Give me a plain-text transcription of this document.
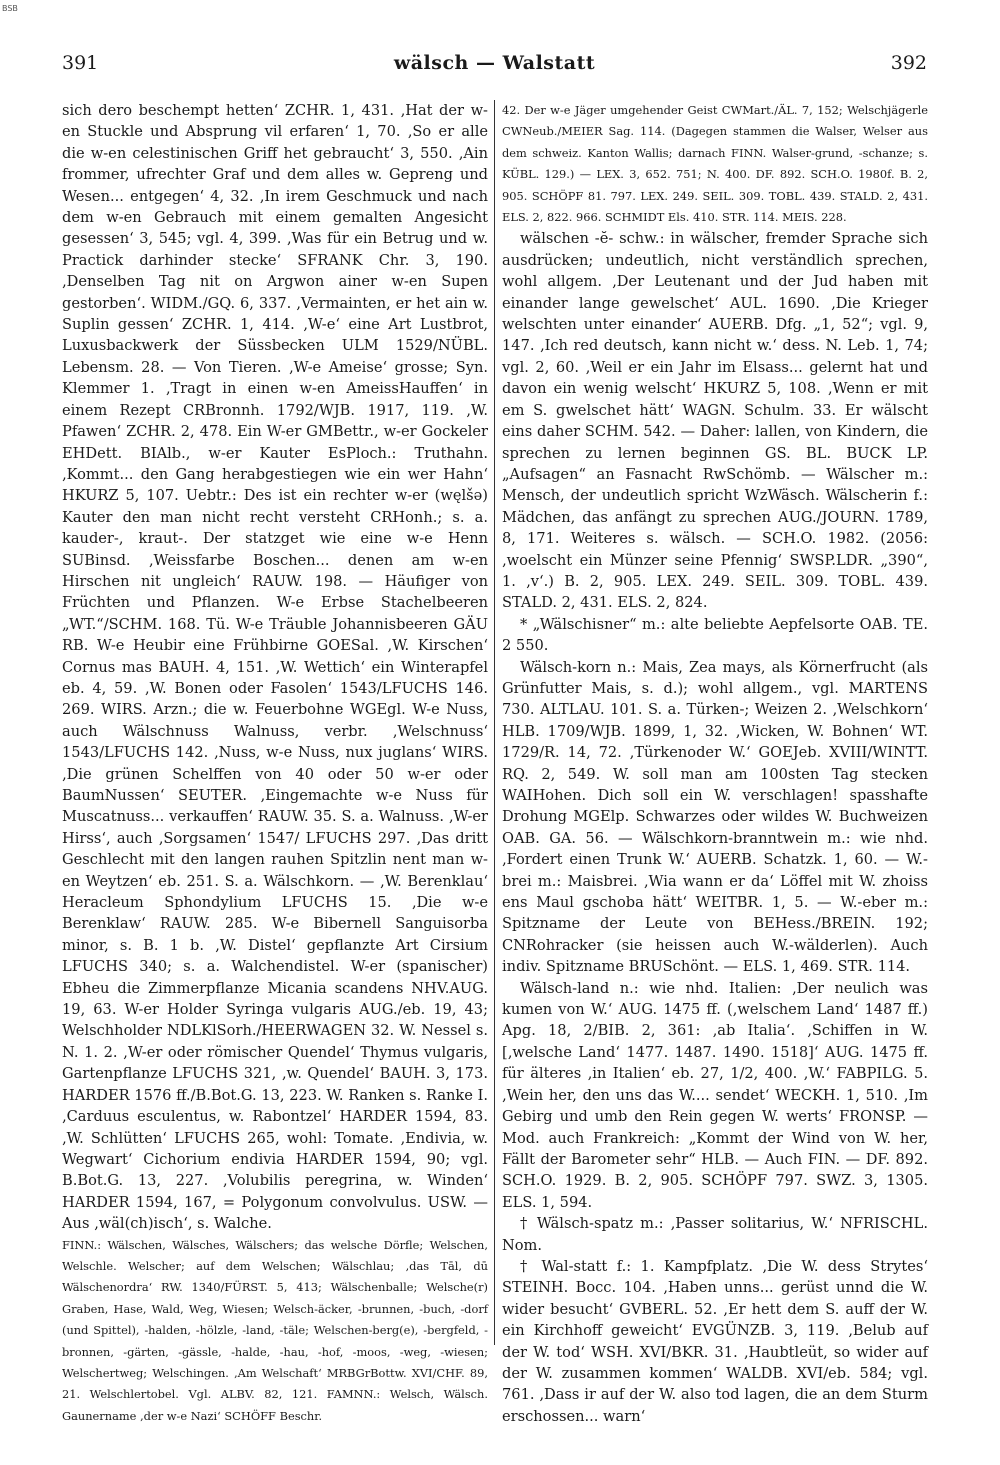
BSB
391	wälsch — Walstatt	392

sich dero beschempt hetten‘ ZCHR. 1, 431. ‚Hat der w-en Stuckle und Absprung vil erfaren‘ 1, 70. ‚So er alle die w-en celestinischen Griff het gebraucht‘ 3, 550. ‚Ain frommer, ufrechter Graf und dem alles w. Gepreng und Wesen... entgegen‘ 4, 32. ‚In irem Geschmuck und nach dem w-en Gebrauch mit einem gemalten Angesicht gesessen‘ 3, 545; vgl. 4, 399. ‚Was für ein Betrug und w. Practick darhinder stecke‘ SFRANK Chr. 3, 190. ‚Denselben Tag nit on Argwon ainer w-en Supen gestorben‘. WIDM./GQ. 6, 337. ‚Vermainten, er het ain w. Suplin gessen‘ ZCHR. 1, 414. ‚W-e‘ eine Art Lustbrot, Luxusbackwerk der Süssbecken ULM 1529/NÜBL. Lebensm. 28. — Von Tieren. ‚W-e Ameise‘ grosse; Syn. Klemmer 1. ‚Tragt in einen w-en AmeissHauffen‘ in einem Rezept CRBronnh. 1792/WJB. 1917, 119. ‚W. Pfawen‘ ZCHR. 2, 478. Ein W-er GMBettr., w-er Gockeler EHDett. BIAlb., w-er Kauter EsPloch.: Truthahn. ‚Kommt... den Gang herabgestiegen wie ein wer Hahn‘ HKURZ 5, 107. Uebtr.: Des ist ein rechter w-er (węlšə) Kauter den man nicht recht versteht CRHonh.; s. a. kauder-, kraut-. Der statzget wie eine w-e Henn SUBinsd. ‚Weissfarbe Boschen... denen am w-en Hirschen nit ungleich‘ RAUW. 198. — Häufiger von Früchten und Pflanzen. W-e Erbse Stachelbeeren „WT.“/SCHM. 168. Tü. W-e Träuble Johannisbeeren GÄU RB. W-e Heubir eine Frühbirne GOESal. ‚W. Kirschen‘ Cornus mas BAUH. 4, 151. ‚W. Wettich‘ ein Winterapfel eb. 4, 59. ‚W. Bonen oder Fasolen‘ 1543/LFUCHS 146. 269. WIRS. Arzn.; die w. Feuerbohne WGEgl. W-e Nuss, auch Wälschnuss Walnuss, verbr. ‚Welschnuss‘ 1543/LFUCHS 142. ‚Nuss, w-e Nuss, nux juglans‘ WIRS. ‚Die grünen Schelffen von 40 oder 50 w-er oder BaumNussen‘ SEUTER. ‚Eingemachte w-e Nuss für Muscatnuss... verkauffen‘ RAUW. 35. S. a. Walnuss. ‚W-er Hirss‘, auch ‚Sorgsamen‘ 1547/ LFUCHS 297. ‚Das dritt Geschlecht mit den langen rauhen Spitzlin nent man w-en Weytzen‘ eb. 251. S. a. Wälschkorn. — ‚W. Berenklau‘ Heracleum Sphondylium LFUCHS 15. ‚Die w-e Berenklaw‘ RAUW. 285. W-e Bibernell Sanguisorba minor, s. B. 1 b. ‚W. Distel‘ gepflanzte Art Cirsium LFUCHS 340; s. a. Walchendistel. W-er (spanischer) Ebheu die Zimmerpflanze Micania scandens NHV.AUG. 19, 63. W-er Holder Syringa vulgaris AUG./eb. 19, 43; Welschholder NDLKlSorh./HEERWAGEN 32. W. Nessel s. N. 1. 2. ‚W-er oder römischer Quendel‘ Thymus vulgaris, Gartenpflanze LFUCHS 321, ‚w. Quendel‘ BAUH. 3, 173. HARDER 1576 ff./B.Bot.G. 13, 223. W. Ranken s. Ranke I. ‚Carduus esculentus, w. Rabontzel‘ HARDER 1594, 83. ‚W. Schlütten‘ LFUCHS 265, wohl: Tomate. ‚Endivia, w. Wegwart‘ Cichorium endivia HARDER 1594, 90; vgl. B.Bot.G. 13, 227. ‚Volubilis peregrina, w. Winden‘ HARDER 1594, 167, = Polygonum convolvulus. USW. — Aus ‚wäl(ch)isch‘, s. Walche.

FINN.: Wälschen, Wälsches, Wälschers; das welsche Dörfle; Welschen, Welschle. Welscher; auf dem Welschen; Wälschlau; ‚das Tāl, dū Wälschenordra‘ RW. 1340/FÜRST. 5, 413; Wälschenballe; Welsche(r) Graben, Hase, Wald, Weg, Wiesen; Welsch-äcker, -brunnen, -buch, -dorf (und Spittel), -halden, -hölzle, -land, -täle; Welschen-berg(e), -bergfeld, -bronnen, -gärten, -gässle, -halde, -hau, -hof, -moos, -weg, -wiesen; Welschertweg; Welschingen. ‚Am Welschaft‘ MRBGrBottw. XVI/CHF. 89, 21. Welschlertobel. Vgl. ALBV. 82, 121. FAMNN.: Welsch, Wälsch. Gaunername ‚der w-e Nazi‘ SCHÖFF Beschr.

42. Der w-e Jäger umgehender Geist CWMart./ÄL. 7, 152; Welschjägerle CWNeub./MEIER Sag. 114. (Dagegen stammen die Walser, Welser aus dem schweiz. Kanton Wallis; darnach FINN. Walser-grund, -schanze; s. KÜBL. 129.) — LEX. 3, 652. 751; N. 400. DF. 892. SCH.O. 1980f. B. 2, 905. SCHÖPF 81. 797. LEX. 249. SEIL. 309. TOBL. 439. STALD. 2, 431. ELS. 2, 822. 966. SCHMIDT Els. 410. STR. 114. MEIS. 228.

wälschen -ĕ- schw.: in wälscher, fremder Sprache sich ausdrücken; undeutlich, nicht verständlich sprechen, wohl allgem. ‚Der Leutenant und der Jud haben mit einander lange gewelschet‘ AUL. 1690. ‚Die Krieger welschten unter einander‘ AUERB. Dfg. „1, 52“; vgl. 9, 147. ‚Ich red deutsch, kann nicht w.‘ dess. N. Leb. 1, 74; vgl. 2, 60. ‚Weil er ein Jahr im Elsass... gelernt hat und davon ein wenig welscht‘ HKURZ 5, 108. ‚Wenn er mit em S. gwelschet hätt‘ WAGN. Schulm. 33. Er wälscht eins daher SCHM. 542. — Daher: lallen, von Kindern, die sprechen zu lernen beginnen GS. BL. BUCK LP. „Aufsagen“ an Fasnacht RwSchömb. — Wälscher m.: Mensch, der undeutlich spricht WzWäsch. Wälscherin f.: Mädchen, das anfängt zu sprechen AUG./JOURN. 1789, 8, 171. Weiteres s. wälsch. — SCH.O. 1982. (2056: ‚woelscht ein Münzer seine Pfennig‘ SWSP.LDR. „390“, 1. ‚v‘.) B. 2, 905. LEX. 249. SEIL. 309. TOBL. 439. STALD. 2, 431. ELS. 2, 824.

* „Wälschisner“ m.: alte beliebte Aepfelsorte OAB. TE. 2 550.

Wälsch-korn n.: Mais, Zea mays, als Körnerfrucht (als Grünfutter Mais, s. d.); wohl allgem., vgl. MARTENS 730. ALTLAU. 101. S. a. Türken-; Weizen 2. ‚Welschkorn‘ HLB. 1709/WJB. 1899, 1, 32. ‚Wicken, W. Bohnen‘ WT. 1729/R. 14, 72. ‚Türkenoder W.‘ GOEJeb. XVIII/WINTT. RQ. 2, 549. W. soll man am 100sten Tag stecken WAIHohen. Dich soll ein W. verschlagen! spasshafte Drohung MGElp. Schwarzes oder wildes W. Buchweizen OAB. GA. 56. — Wälschkorn-branntwein m.: wie nhd. ‚Fordert einen Trunk W.‘ AUERB. Schatzk. 1, 60. — W.-brei m.: Maisbrei. ‚Wia wann er da‘ Löffel mit W. zhoiss ens Maul gschoba hätt‘ WEITBR. 1, 5. — W.-eber m.: Spitzname der Leute von BEHess./BREIN. 192; CNRohracker (sie heissen auch W.-wälderlen). Auch indiv. Spitzname BRUSchönt. — ELS. 1, 469. STR. 114.

Wälsch-land n.: wie nhd. Italien: ‚Der neulich was kumen von W.‘ AUG. 1475 ff. (‚welschem Land‘ 1487 ff.) Apg. 18, 2/BIB. 2, 361: ‚ab Italia‘. ‚Schiffen in W. [‚welsche Land‘ 1477. 1487. 1490. 1518]‘ AUG. 1475 ff. für älteres ‚in Italien‘ eb. 27, 1/2, 400. ‚W.‘ FABPILG. 5. ‚Wein her, den uns das W.... sendet‘ WECKH. 1, 510. ‚Im Gebirg und umb den Rein gegen W. werts‘ FRONSP. — Mod. auch Frankreich: „Kommt der Wind von W. her, Fällt der Barometer sehr“ HLB. — Auch FIN. — DF. 892. SCH.O. 1929. B. 2, 905. SCHÖPF 797. SWZ. 3, 1305. ELS. 1, 594.

† Wälsch-spatz m.: ‚Passer solitarius, W.‘ NFRISCHL. Nom.

† Wal-statt f.: 1. Kampfplatz. ‚Die W. dess Strytes‘ STEINH. Bocc. 104. ‚Haben unns... gerüst unnd die W. wider besucht‘ GVBERL. 52. ‚Er hett dem S. auff der W. ein Kirchhoff geweicht‘ EVGÜNZB. 3, 119. ‚Belub auf der W. tod‘ WSH. XVI/BKR. 31. ‚Haubtleüt, so wider auf der W. zusammen kommen‘ WALDB. XVI/eb. 584; vgl. 761. ‚Dass ir auf der W. also tod lagen, die an dem Sturm erschossen... warn‘
